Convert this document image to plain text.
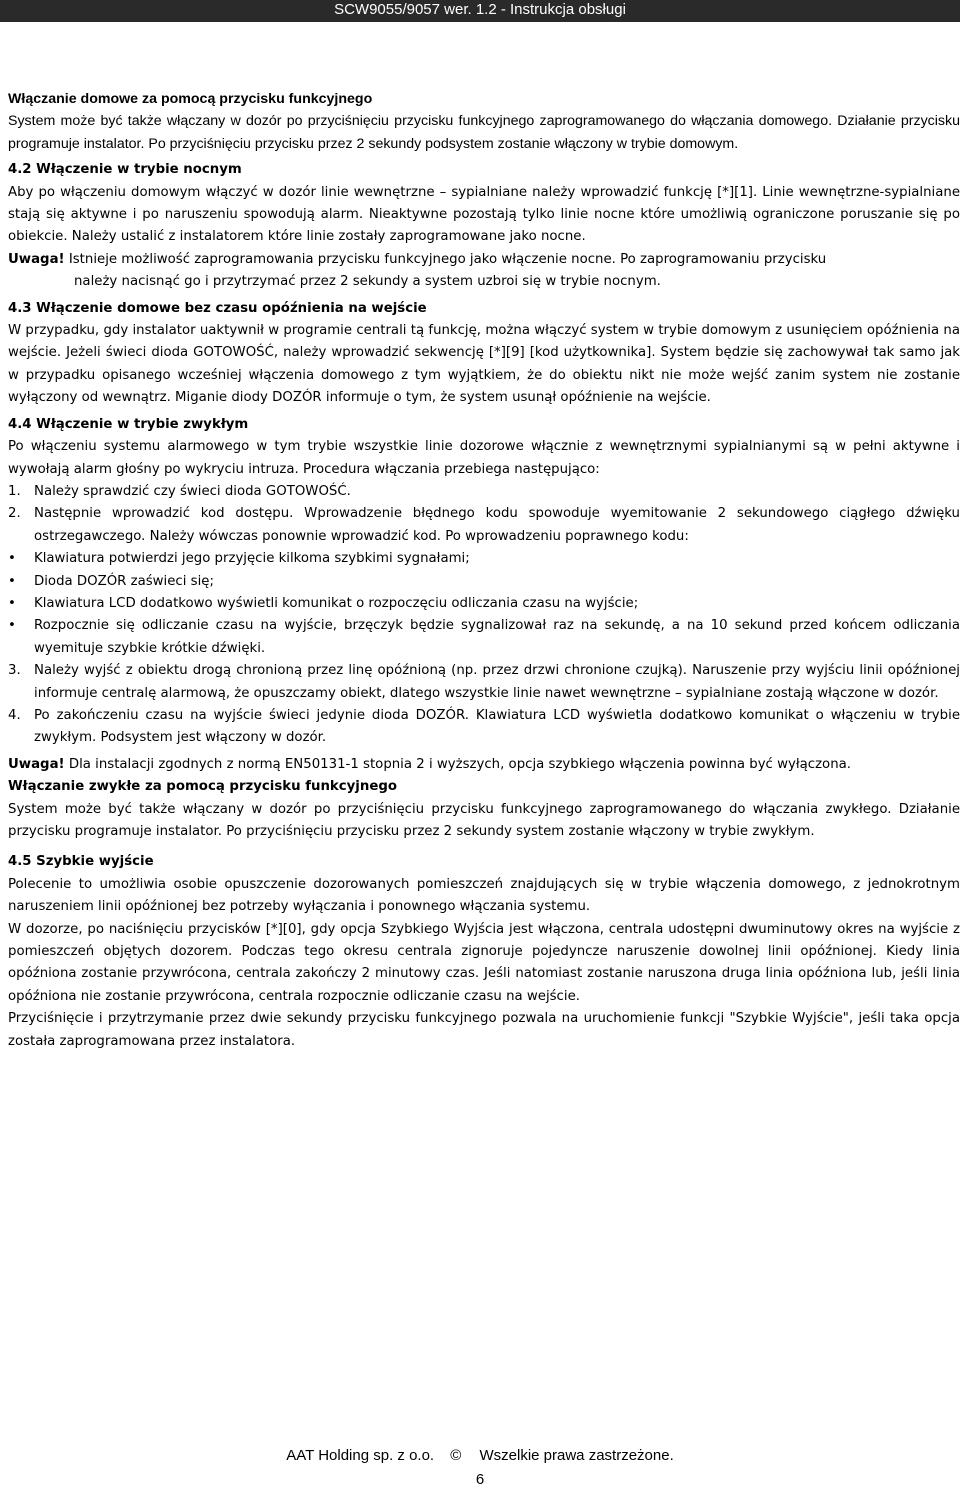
SCW9055/9057 wer. 1.2 - Instrukcja obsługi
Włączanie domowe za pomocą przycisku funkcyjnego

System może być także włączany w dozór po przyciśnięciu przycisku funkcyjnego zaprogramowanego do włączania domowego. Działanie przycisku programuje instalator. Po przyciśnięciu przycisku przez 2 sekundy podsystem zostanie włączony w trybie domowym.

4.2 Włączenie w trybie nocnym

Aby po włączeniu domowym włączyć w dozór linie wewnętrzne – sypialniane należy wprowadzić funkcję [*][1]. Linie wewnętrzne-sypialniane stają się aktywne i po naruszeniu spowodują alarm. Nieaktywne pozostają tylko linie nocne które umożliwią ograniczone poruszanie się po obiekcie. Należy ustalić z instalatorem które linie zostały zaprogramowane jako nocne.

Uwaga! Istnieje możliwość zaprogramowania przycisku funkcyjnego jako włączenie nocne. Po zaprogramowaniu przycisku

należy nacisnąć go i przytrzymać przez 2 sekundy a system uzbroi się w trybie nocnym.

4.3 Włączenie domowe bez czasu opóźnienia na wejście

W przypadku, gdy instalator uaktywnił w programie centrali tą funkcję, można włączyć system w trybie domowym z usunięciem opóźnienia na wejście. Jeżeli świeci dioda GOTOWOŚĆ, należy wprowadzić sekwencję [*][9] [kod użytkownika]. System będzie się zachowywał tak samo jak w przypadku opisanego wcześniej włączenia domowego z tym wyjątkiem, że do obiektu nikt nie może wejść zanim system nie zostanie wyłączony od wewnątrz. Miganie diody DOZÓR informuje o tym, że system usunął opóźnienie na wejście.

4.4 Włączenie w trybie zwykłym

Po włączeniu systemu alarmowego w tym trybie wszystkie linie dozorowe włącznie z wewnętrznymi sypialnianymi są w pełni aktywne i wywołają alarm głośny po wykryciu intruza. Procedura włączania przebiega następująco:

1. Należy sprawdzić czy świeci dioda GOTOWOŚĆ.
2. Następnie wprowadzić kod dostępu. Wprowadzenie błędnego kodu spowoduje wyemitowanie 2 sekundowego ciągłego dźwięku ostrzegawczego. Należy wówczas ponownie wprowadzić kod. Po wprowadzeniu poprawnego kodu:
• Klawiatura potwierdzi jego przyjęcie kilkoma szybkimi sygnałami;
• Dioda DOZÓR zaświeci się;
• Klawiatura LCD dodatkowo wyświetli komunikat o rozpoczęciu odliczania czasu na wyjście;
• Rozpocznie się odliczanie czasu na wyjście, brzęczyk będzie sygnalizował raz na sekundę, a na 10 sekund przed końcem odliczania wyemituje szybkie krótkie dźwięki.
3. Należy wyjść z obiektu drogą chronioną przez linę opóźnioną (np. przez drzwi chronione czujką). Naruszenie przy wyjściu linii opóźnionej informuje centralę alarmową, że opuszczamy obiekt, dlatego wszystkie linie nawet wewnętrzne – sypialniane zostają włączone w dozór.
4. Po zakończeniu czasu na wyjście świeci jedynie dioda DOZÓR. Klawiatura LCD wyświetla dodatkowo komunikat o włączeniu w trybie zwykłym. Podsystem jest włączony w dozór.

Uwaga! Dla instalacji zgodnych z normą EN50131-1 stopnia 2 i wyższych, opcja szybkiego włączenia powinna być wyłączona.

Włączanie zwykłe za pomocą przycisku funkcyjnego

System może być także włączany w dozór po przyciśnięciu przycisku funkcyjnego zaprogramowanego do włączania zwykłego. Działanie przycisku programuje instalator. Po przyciśnięciu przycisku przez 2 sekundy system zostanie włączony w trybie zwykłym.

4.5 Szybkie wyjście

Polecenie to umożliwia osobie opuszczenie dozorowanych pomieszczeń znajdujących się w trybie włączenia domowego, z jednokrotnym naruszeniem linii opóźnionej bez potrzeby wyłączania i ponownego włączania systemu.

W dozorze, po naciśnięciu przycisków [*][0], gdy opcja Szybkiego Wyjścia jest włączona, centrala udostępni dwuminutowy okres na wyjście z pomieszczeń objętych dozorem. Podczas tego okresu centrala zignoruje pojedyncze naruszenie dowolnej linii opóźnionej. Kiedy linia opóźniona zostanie przywrócona, centrala zakończy 2 minutowy czas. Jeśli natomiast zostanie naruszona druga linia opóźniona lub, jeśli linia opóźniona nie zostanie przywrócona, centrala rozpocznie odliczanie czasu na wejście.

Przyciśnięcie i przytrzymanie przez dwie sekundy przycisku funkcyjnego pozwala na uruchomienie funkcji "Szybkie Wyjście", jeśli taka opcja została zaprogramowana przez instalatora.

AAT Holding sp. z o.o. © Wszelkie prawa zastrzeżone.
6
